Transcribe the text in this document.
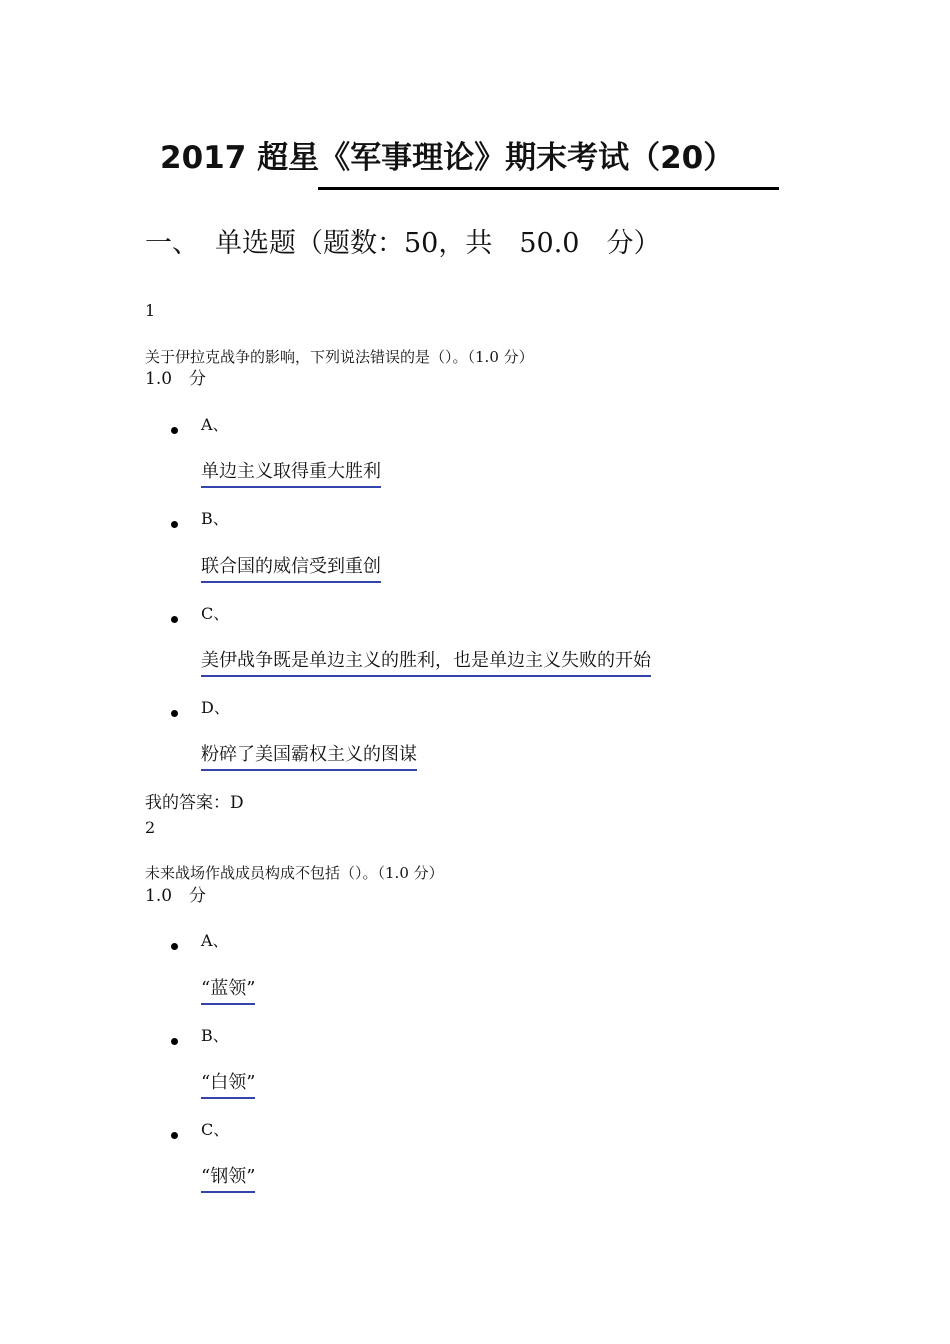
2017 超星《军事理论》期末考试（20）
一、 单选题（题数：50，共　50.0　分）
1
关于伊拉克战争的影响，下列说法错误的是（）。（1.0 分）
1.0　分
A、
单边主义取得重大胜利
B、
联合国的威信受到重创
C、
美伊战争既是单边主义的胜利，也是单边主义失败的开始
D、
粉碎了美国霸权主义的图谋
我的答案：D
2
未来战场作战成员构成不包括（）。（1.0 分）
1.0　分
A、
“蓝领”
B、
“白领”
C、
“钢领”
